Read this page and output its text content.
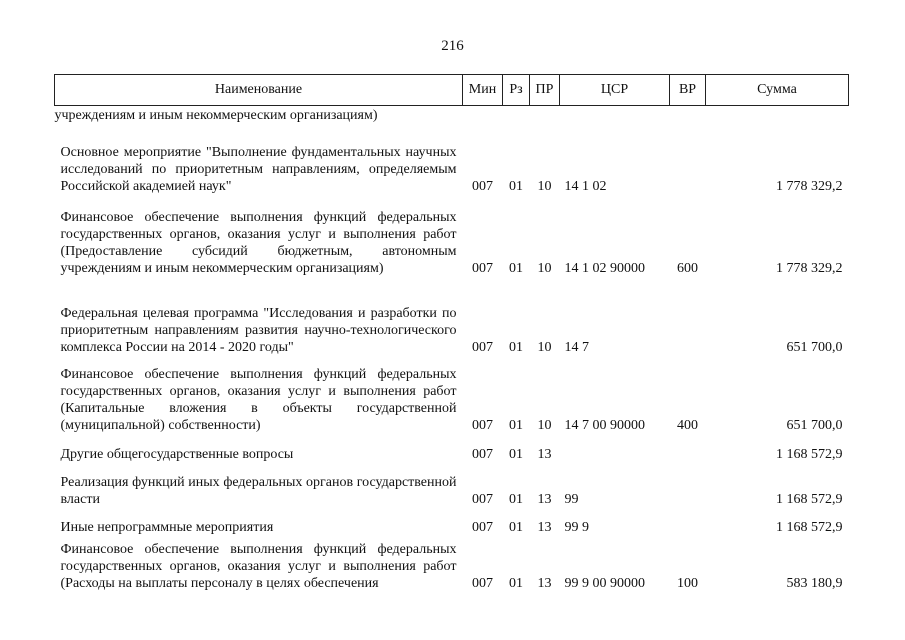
216
Наименование	Мин	Рз	ПР	ЦСР	ВР	Сумма
учреждениям и иным некоммерческим организациям)						
Основное мероприятие "Выполнение фундаментальных научных исследований по приоритетным направлениям, определяемым Российской академией наук"	007	01	10	14 1 02		1 778 329,2
Финансовое обеспечение выполнения функций федеральных государственных органов, оказания услуг и выполнения работ (Предоставление субсидий бюджетным, автономным учреждениям и иным некоммерческим организациям)	007	01	10	14 1 02 90000	600	1 778 329,2
Федеральная целевая программа "Исследования и разработки по приоритетным направлениям развития научно-технологического комплекса России на 2014 - 2020 годы"	007	01	10	14 7		651 700,0
Финансовое обеспечение выполнения функций федеральных государственных органов, оказания услуг и выполнения работ (Капитальные вложения в объекты государственной (муниципальной) собственности)	007	01	10	14 7 00 90000	400	651 700,0
Другие общегосударственные вопросы	007	01	13			1 168 572,9
Реализация функций иных федеральных органов государственной власти	007	01	13	99		1 168 572,9
Иные непрограммные мероприятия	007	01	13	99 9		1 168 572,9
Финансовое обеспечение выполнения функций федеральных государственных органов, оказания услуг и выполнения работ (Расходы на выплаты персоналу в целях обеспечения	007	01	13	99 9 00 90000	100	583 180,9
